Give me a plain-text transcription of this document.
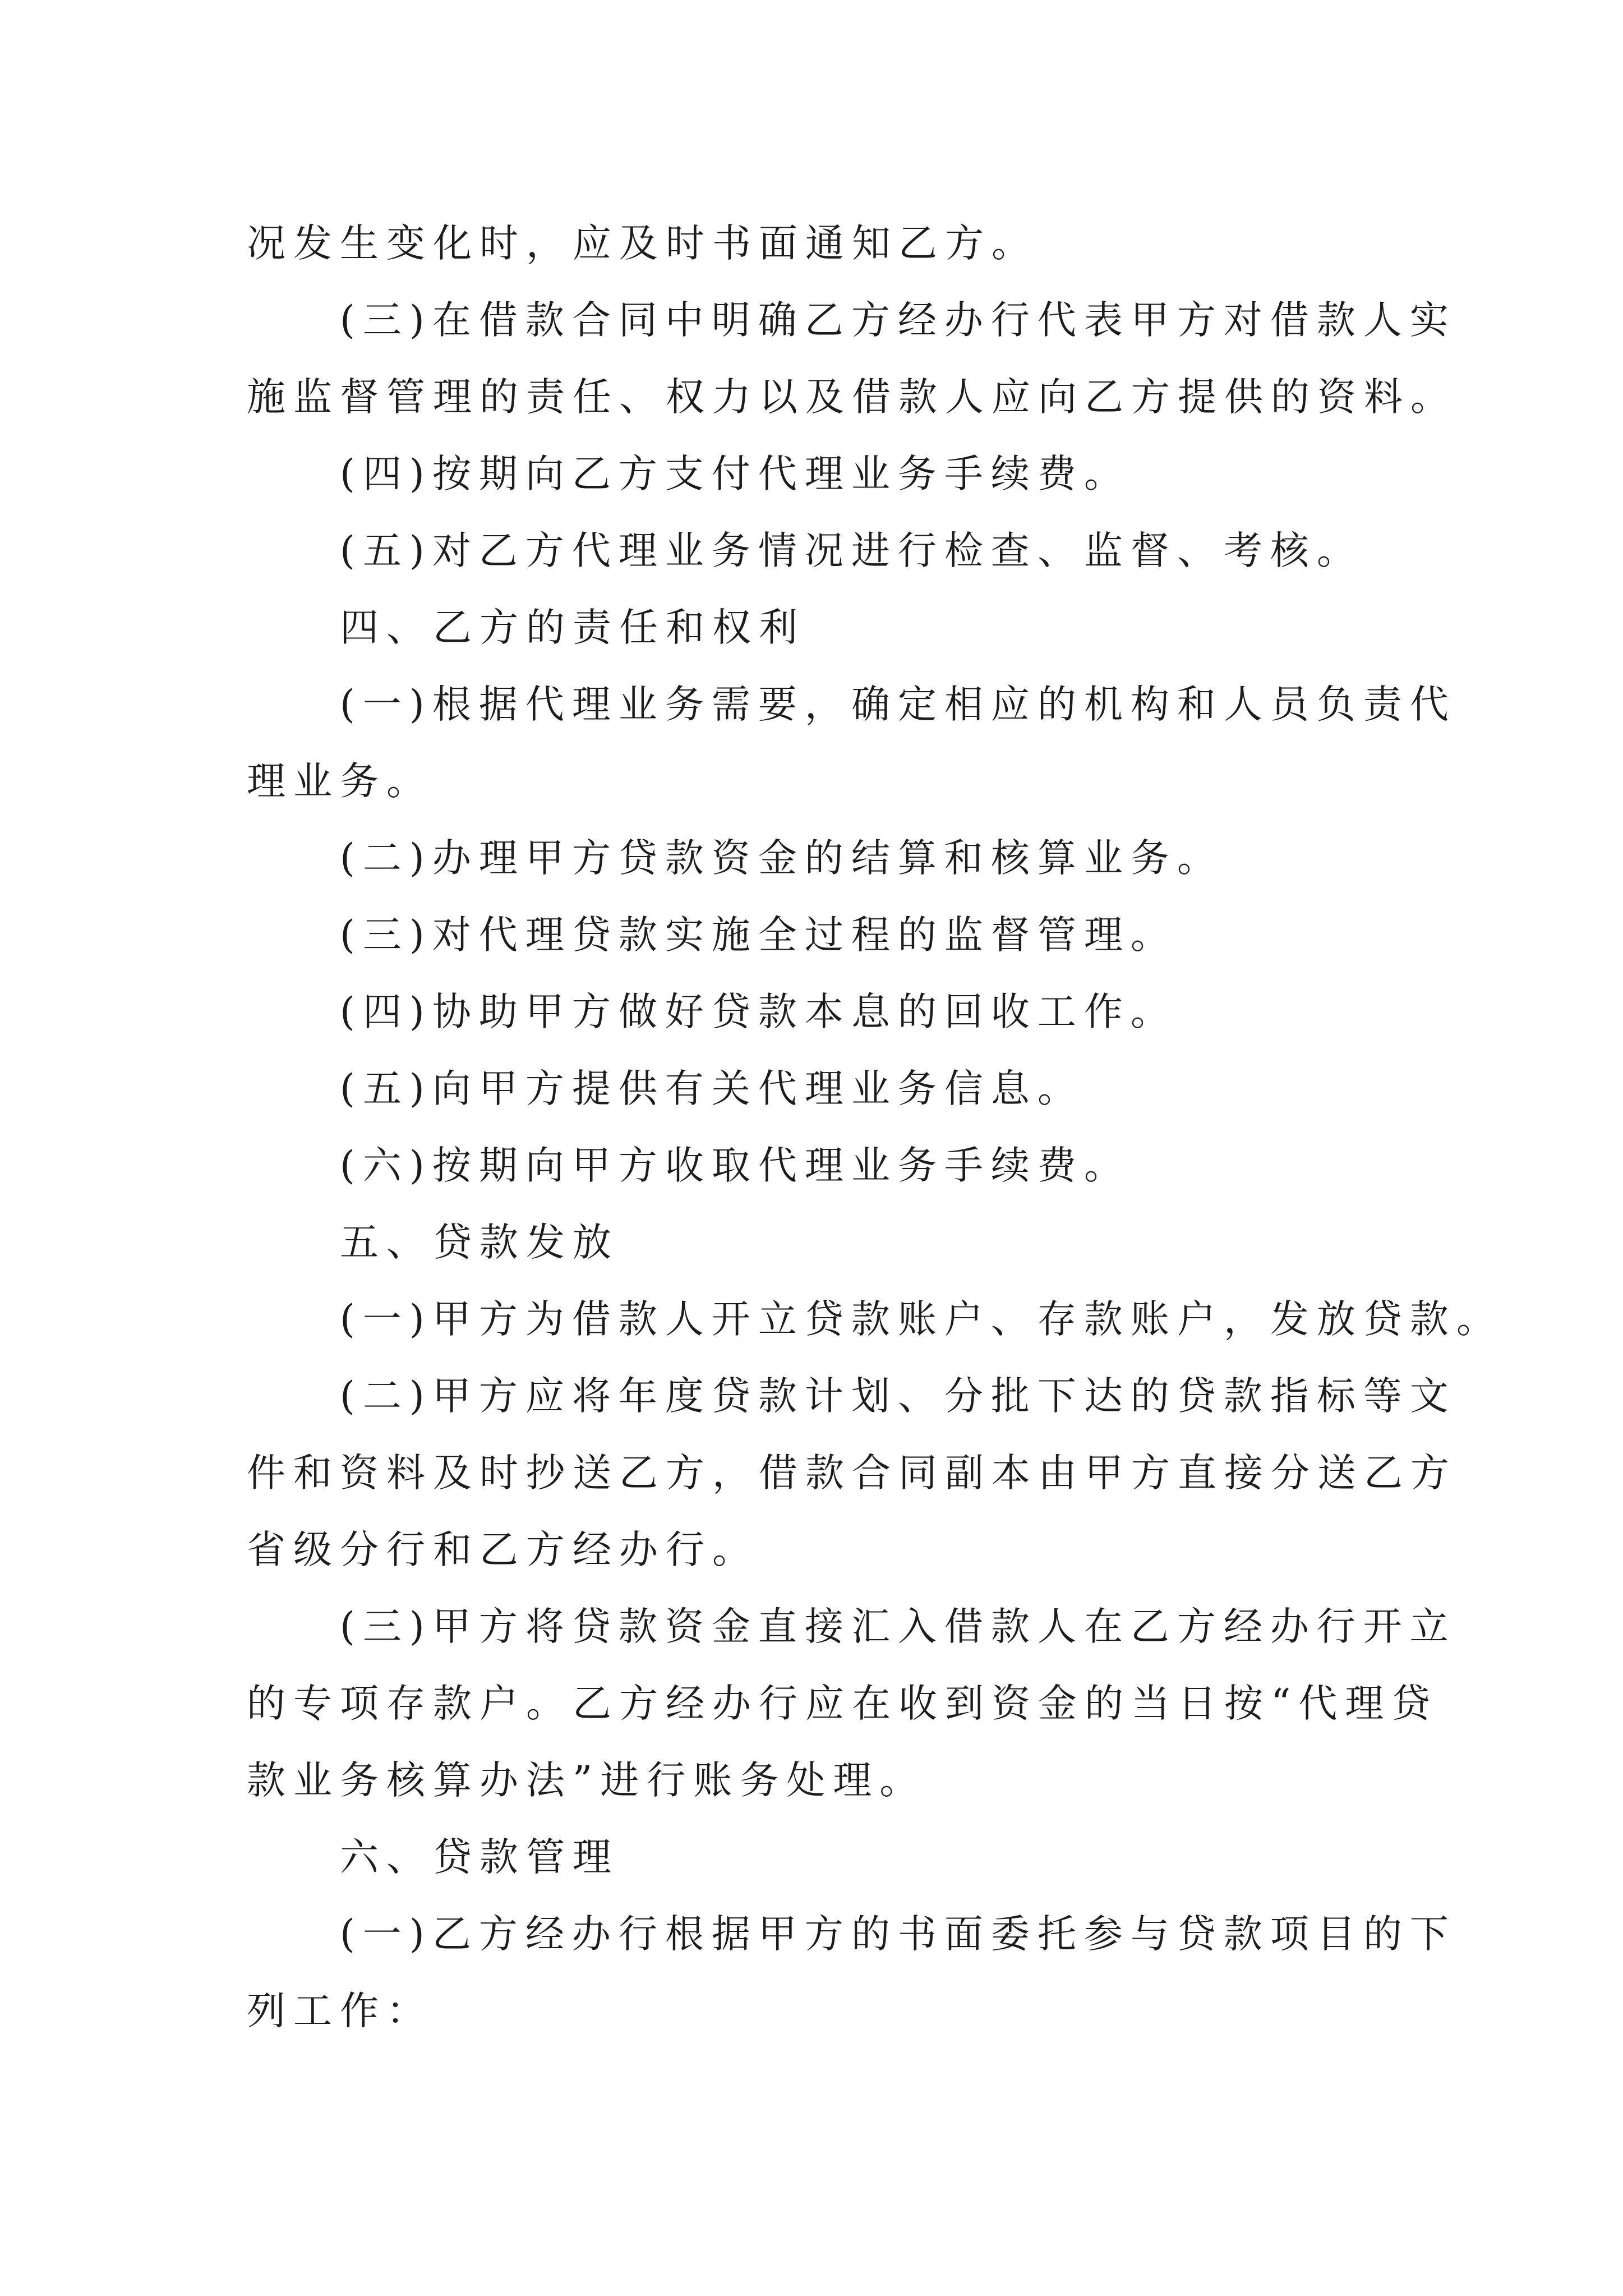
况发生变化时，应及时书面通知乙方。
(三)在借款合同中明确乙方经办行代表甲方对借款人实
施监督管理的责任、权力以及借款人应向乙方提供的资料。
(四)按期向乙方支付代理业务手续费。
(五)对乙方代理业务情况进行检查、监督、考核。
四、乙方的责任和权利
(一)根据代理业务需要，确定相应的机构和人员负责代
理业务。
(二)办理甲方贷款资金的结算和核算业务。
(三)对代理贷款实施全过程的监督管理。
(四)协助甲方做好贷款本息的回收工作。
(五)向甲方提供有关代理业务信息。
(六)按期向甲方收取代理业务手续费。
五、贷款发放
(一)甲方为借款人开立贷款账户、存款账户，发放贷款。
(二)甲方应将年度贷款计划、分批下达的贷款指标等文
件和资料及时抄送乙方，借款合同副本由甲方直接分送乙方
省级分行和乙方经办行。
(三)甲方将贷款资金直接汇入借款人在乙方经办行开立
的专项存款户。乙方经办行应在收到资金的当日按“代理贷
款业务核算办法”进行账务处理。
六、贷款管理
(一)乙方经办行根据甲方的书面委托参与贷款项目的下
列工作：
